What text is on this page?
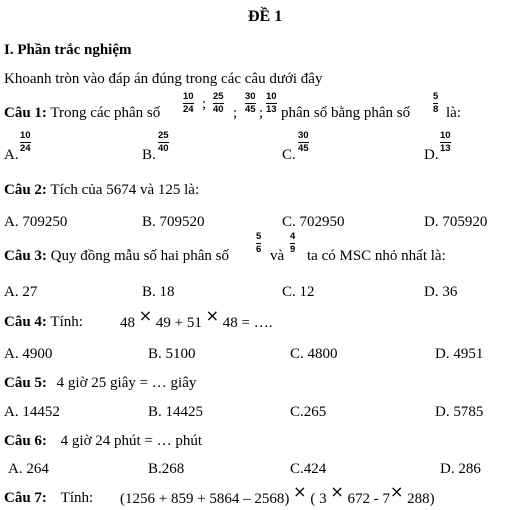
ĐỀ 1
I. Phần trắc nghiệm
Khoanh tròn vào đáp án đúng trong các câu dưới đây
Câu 1: Trong các phân số
10
24 ; 25
40 ;
30
45 ;
10
13 phân số bằng phân số
5
8 là:
A.
10
24	B.
25
40	C.
30
45	D.
10
13
Câu 2: Tích của 5674 và 125 là:
A. 709250	B. 709520	C. 702950	D. 705920
Câu 3: Quy đồng mẫu số hai phân số
5
6 và
4
9 ta có MSC nhỏ nhất là:
A. 27	B. 18	C. 12	D. 36
Câu 4: Tính: 48 × 49 + 51 × 48 = ….
A. 4900	B. 5100	C. 4800	D. 4951
Câu 5: 4 giờ 25 giây = … giây
A. 14452	B. 14425	C.265	D. 5785
Câu 6: 4 giờ 24 phút = … phút
A. 264	B.268	C.424	D. 286
Câu 7: Tính: (1256 + 859 + 5864 – 2568) × ( 3 × 672 - 7× 288)
